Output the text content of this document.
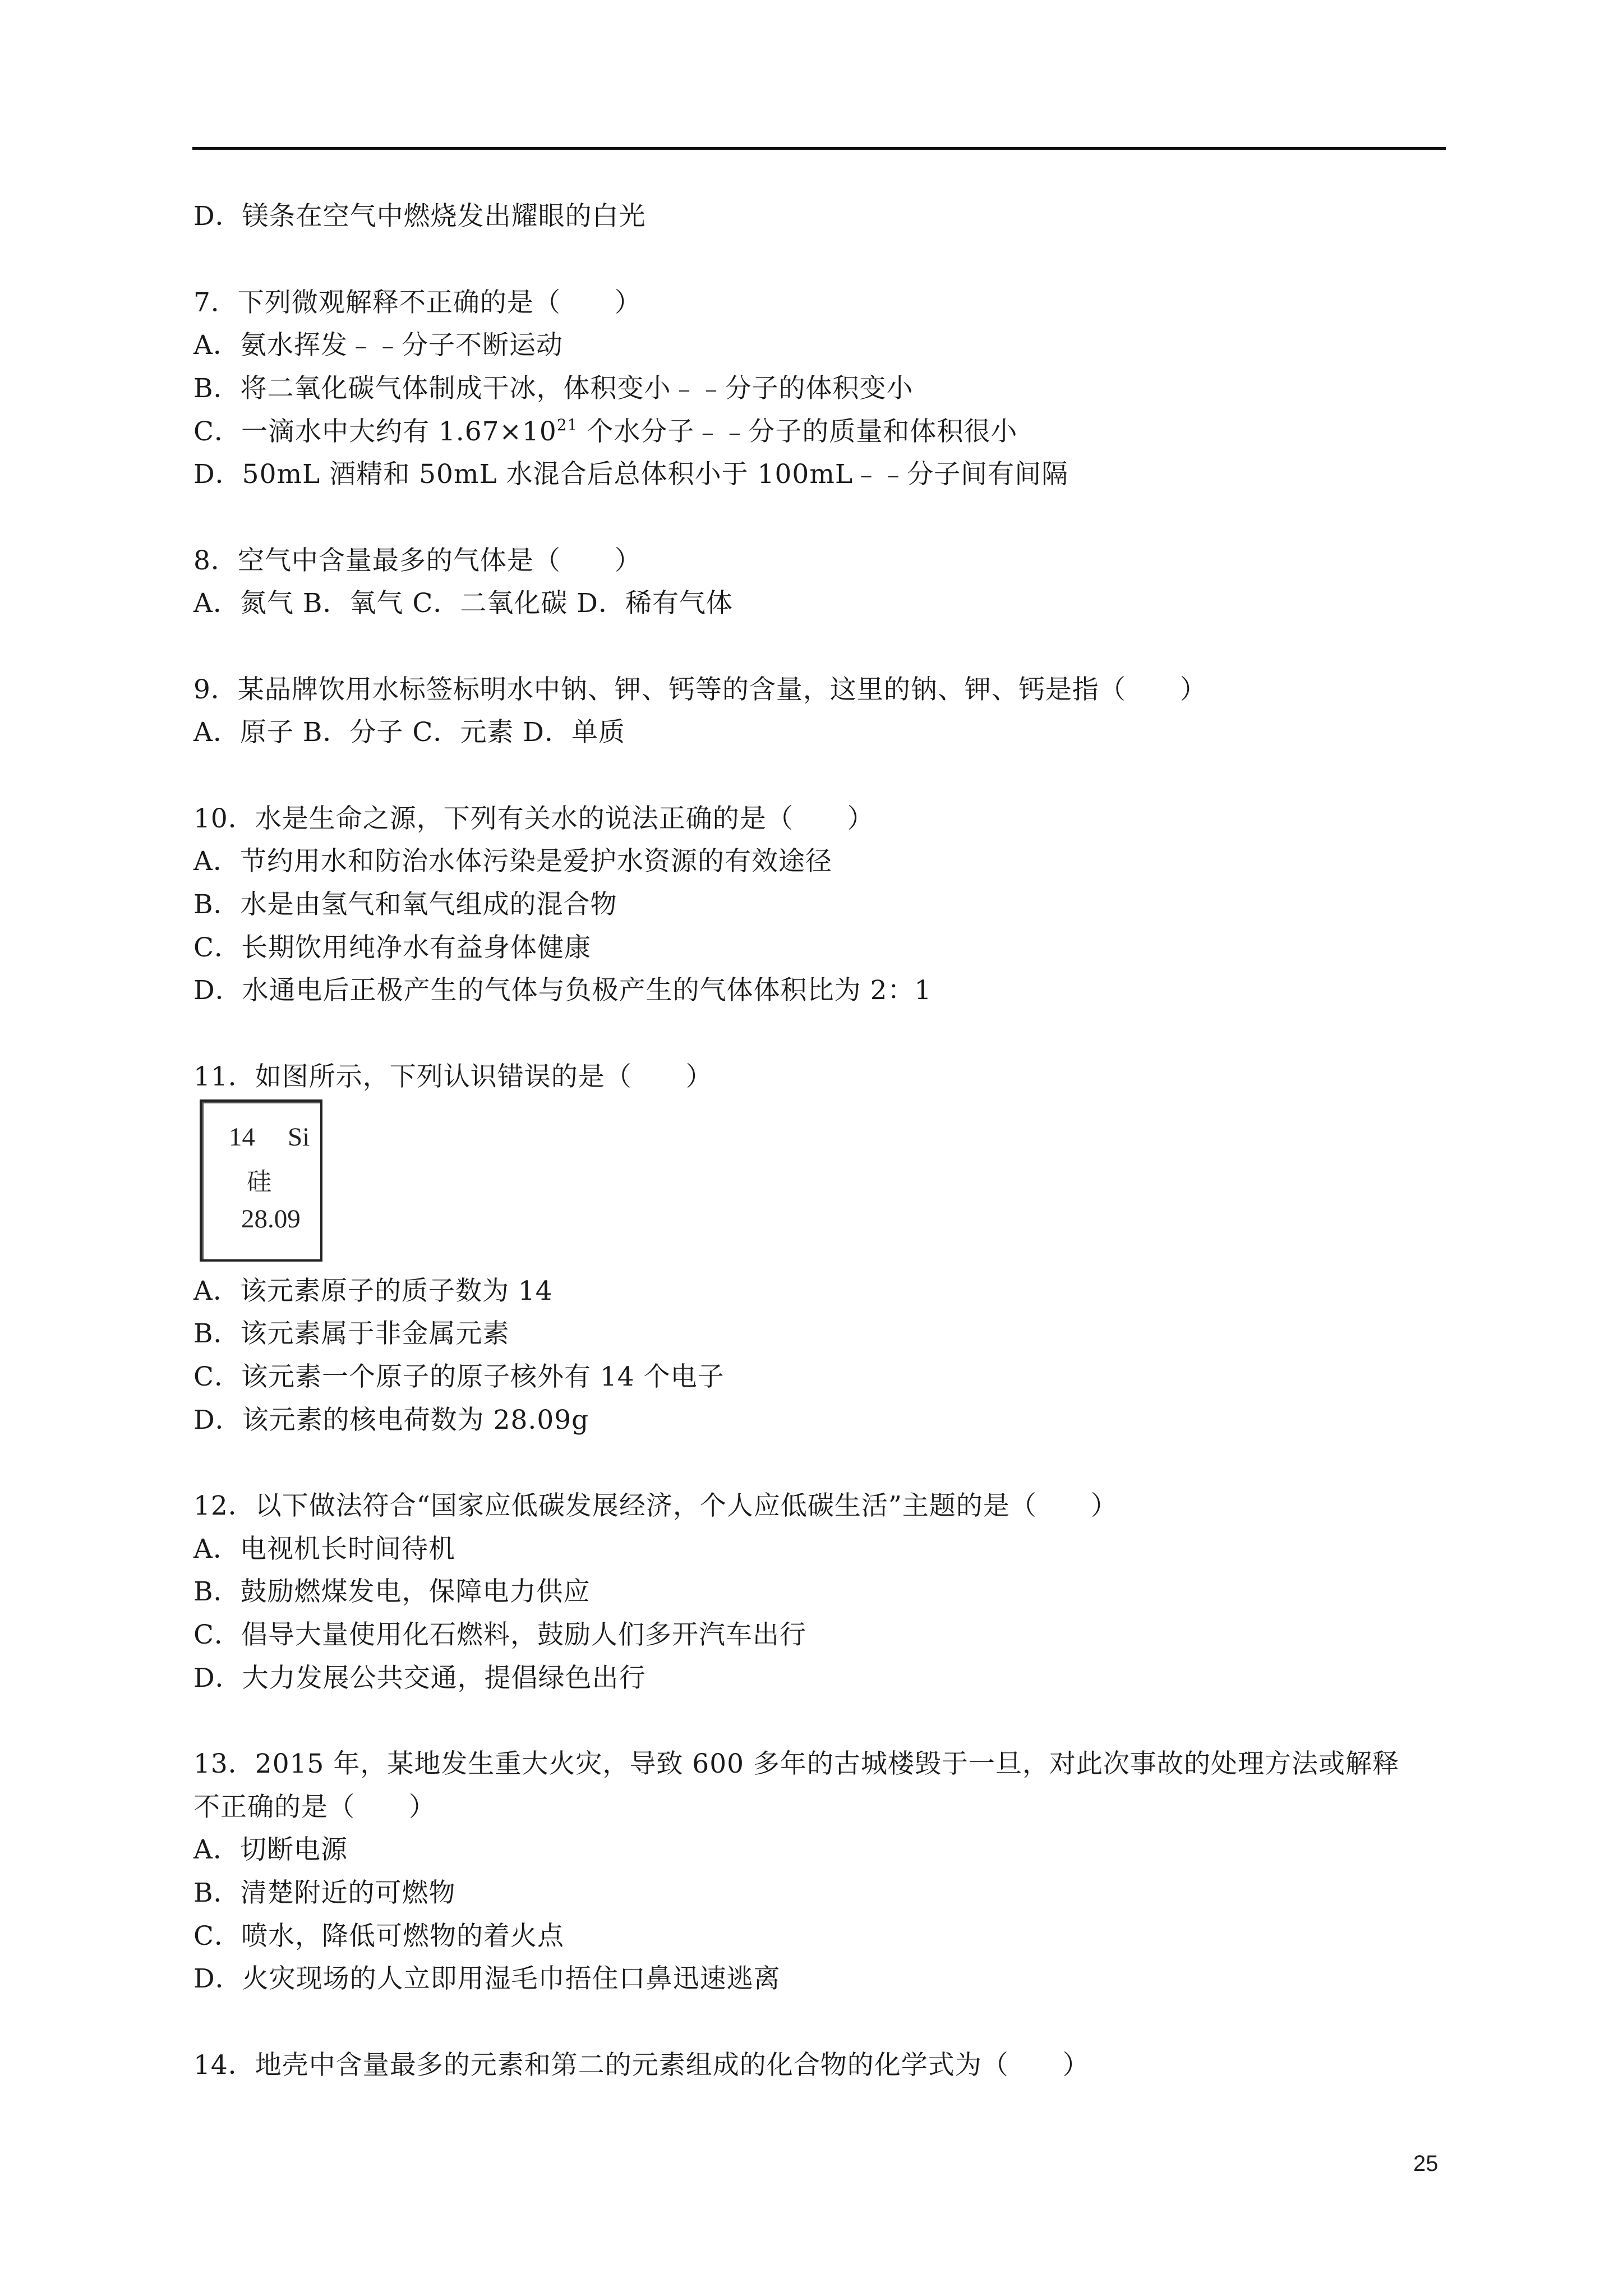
D．镁条在空气中燃烧发出耀眼的白光
7．下列微观解释不正确的是（　　）
A．氨水挥发﹣﹣分子不断运动
B．将二氧化碳气体制成干冰，体积变小﹣﹣分子的体积变小
C．一滴水中大约有 $1.67\times 10^{21}$ 个水分子﹣﹣分子的质量和体积很小
D．50mL 酒精和 50mL 水混合后总体积小于 100mL﹣﹣分子间有间隔
8．空气中含量最多的气体是（　　）
A．氮气 B．氧气 C．二氧化碳 D．稀有气体
9．某品牌饮用水标签标明水中钠、钾、钙等的含量，这里的钠、钾、钙是指（　　）
A．原子 B．分子 C．元素 D．单质
10．水是生命之源，下列有关水的说法正确的是（　　）
A．节约用水和防治水体污染是爱护水资源的有效途径
B．水是由氢气和氧气组成的混合物
C．长期饮用纯净水有益身体健康
D．水通电后正极产生的气体与负极产生的气体体积比为 2：1
11．如图所示，下列认识错误的是（　　）
14 Si
硅
28.09
A．该元素原子的质子数为 14
B．该元素属于非金属元素
C．该元素一个原子的原子核外有 14 个电子
D．该元素的核电荷数为 28.09g
12．以下做法符合“国家应低碳发展经济，个人应低碳生活”主题的是（　　）
A．电视机长时间待机
B．鼓励燃煤发电，保障电力供应
C．倡导大量使用化石燃料，鼓励人们多开汽车出行
D．大力发展公共交通，提倡绿色出行
13．2015 年，某地发生重大火灾，导致 600 多年的古城楼毁于一旦，对此次事故的处理方法或解释
不正确的是（　　）
A．切断电源
B．清楚附近的可燃物
C．喷水，降低可燃物的着火点
D．火灾现场的人立即用湿毛巾捂住口鼻迅速逃离
14．地壳中含量最多的元素和第二的元素组成的化合物的化学式为（　　）
25
